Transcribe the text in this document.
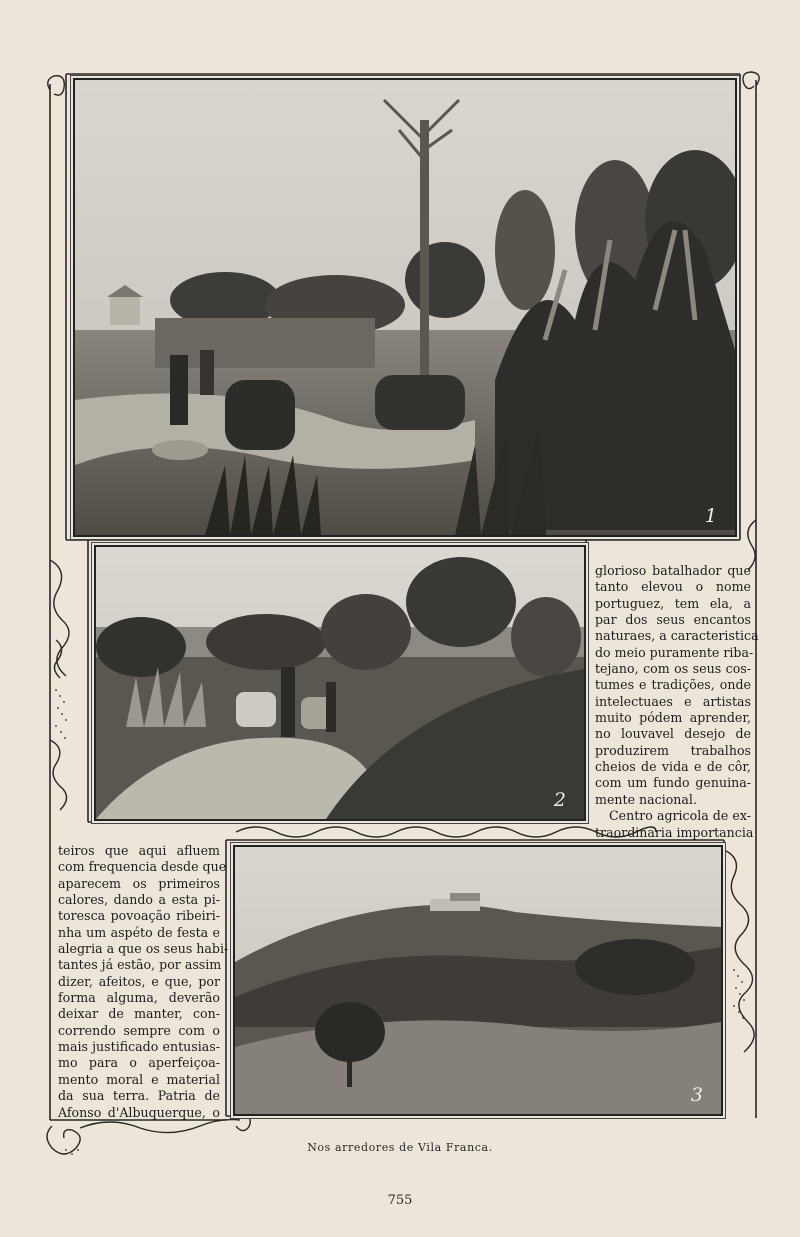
1
2
3
glorioso batalhador que
tanto elevou o nome
portuguez, tem ela, a
par dos seus encantos
naturaes, a caracteristica
do meio puramente riba-
tejano, com os seus cos-
tumes e tradições, onde
intelectuaes e artistas
muito pódem aprender,
no louvavel desejo de
produzirem trabalhos
cheios de vida e de côr,
com um fundo genuina-
mente nacional.
Centro agricola de ex-
traordinaria importancia
teiros que aqui afluem
com frequencia desde que
aparecem os primeiros
calores, dando a esta pi-
toresca povoação ribeiri-
nha um aspéto de festa e
alegria a que os seus habi-
tantes já estão, por assim
dizer, afeitos, e que, por
forma alguma, deverão
deixar de manter, con-
correndo sempre com o
mais justificado entusias-
mo para o aperfeiçoa-
mento moral e material
da sua terra. Patria de
Afonso d'Albuquerque, o
Nos arredores de Vila Franca.
755
